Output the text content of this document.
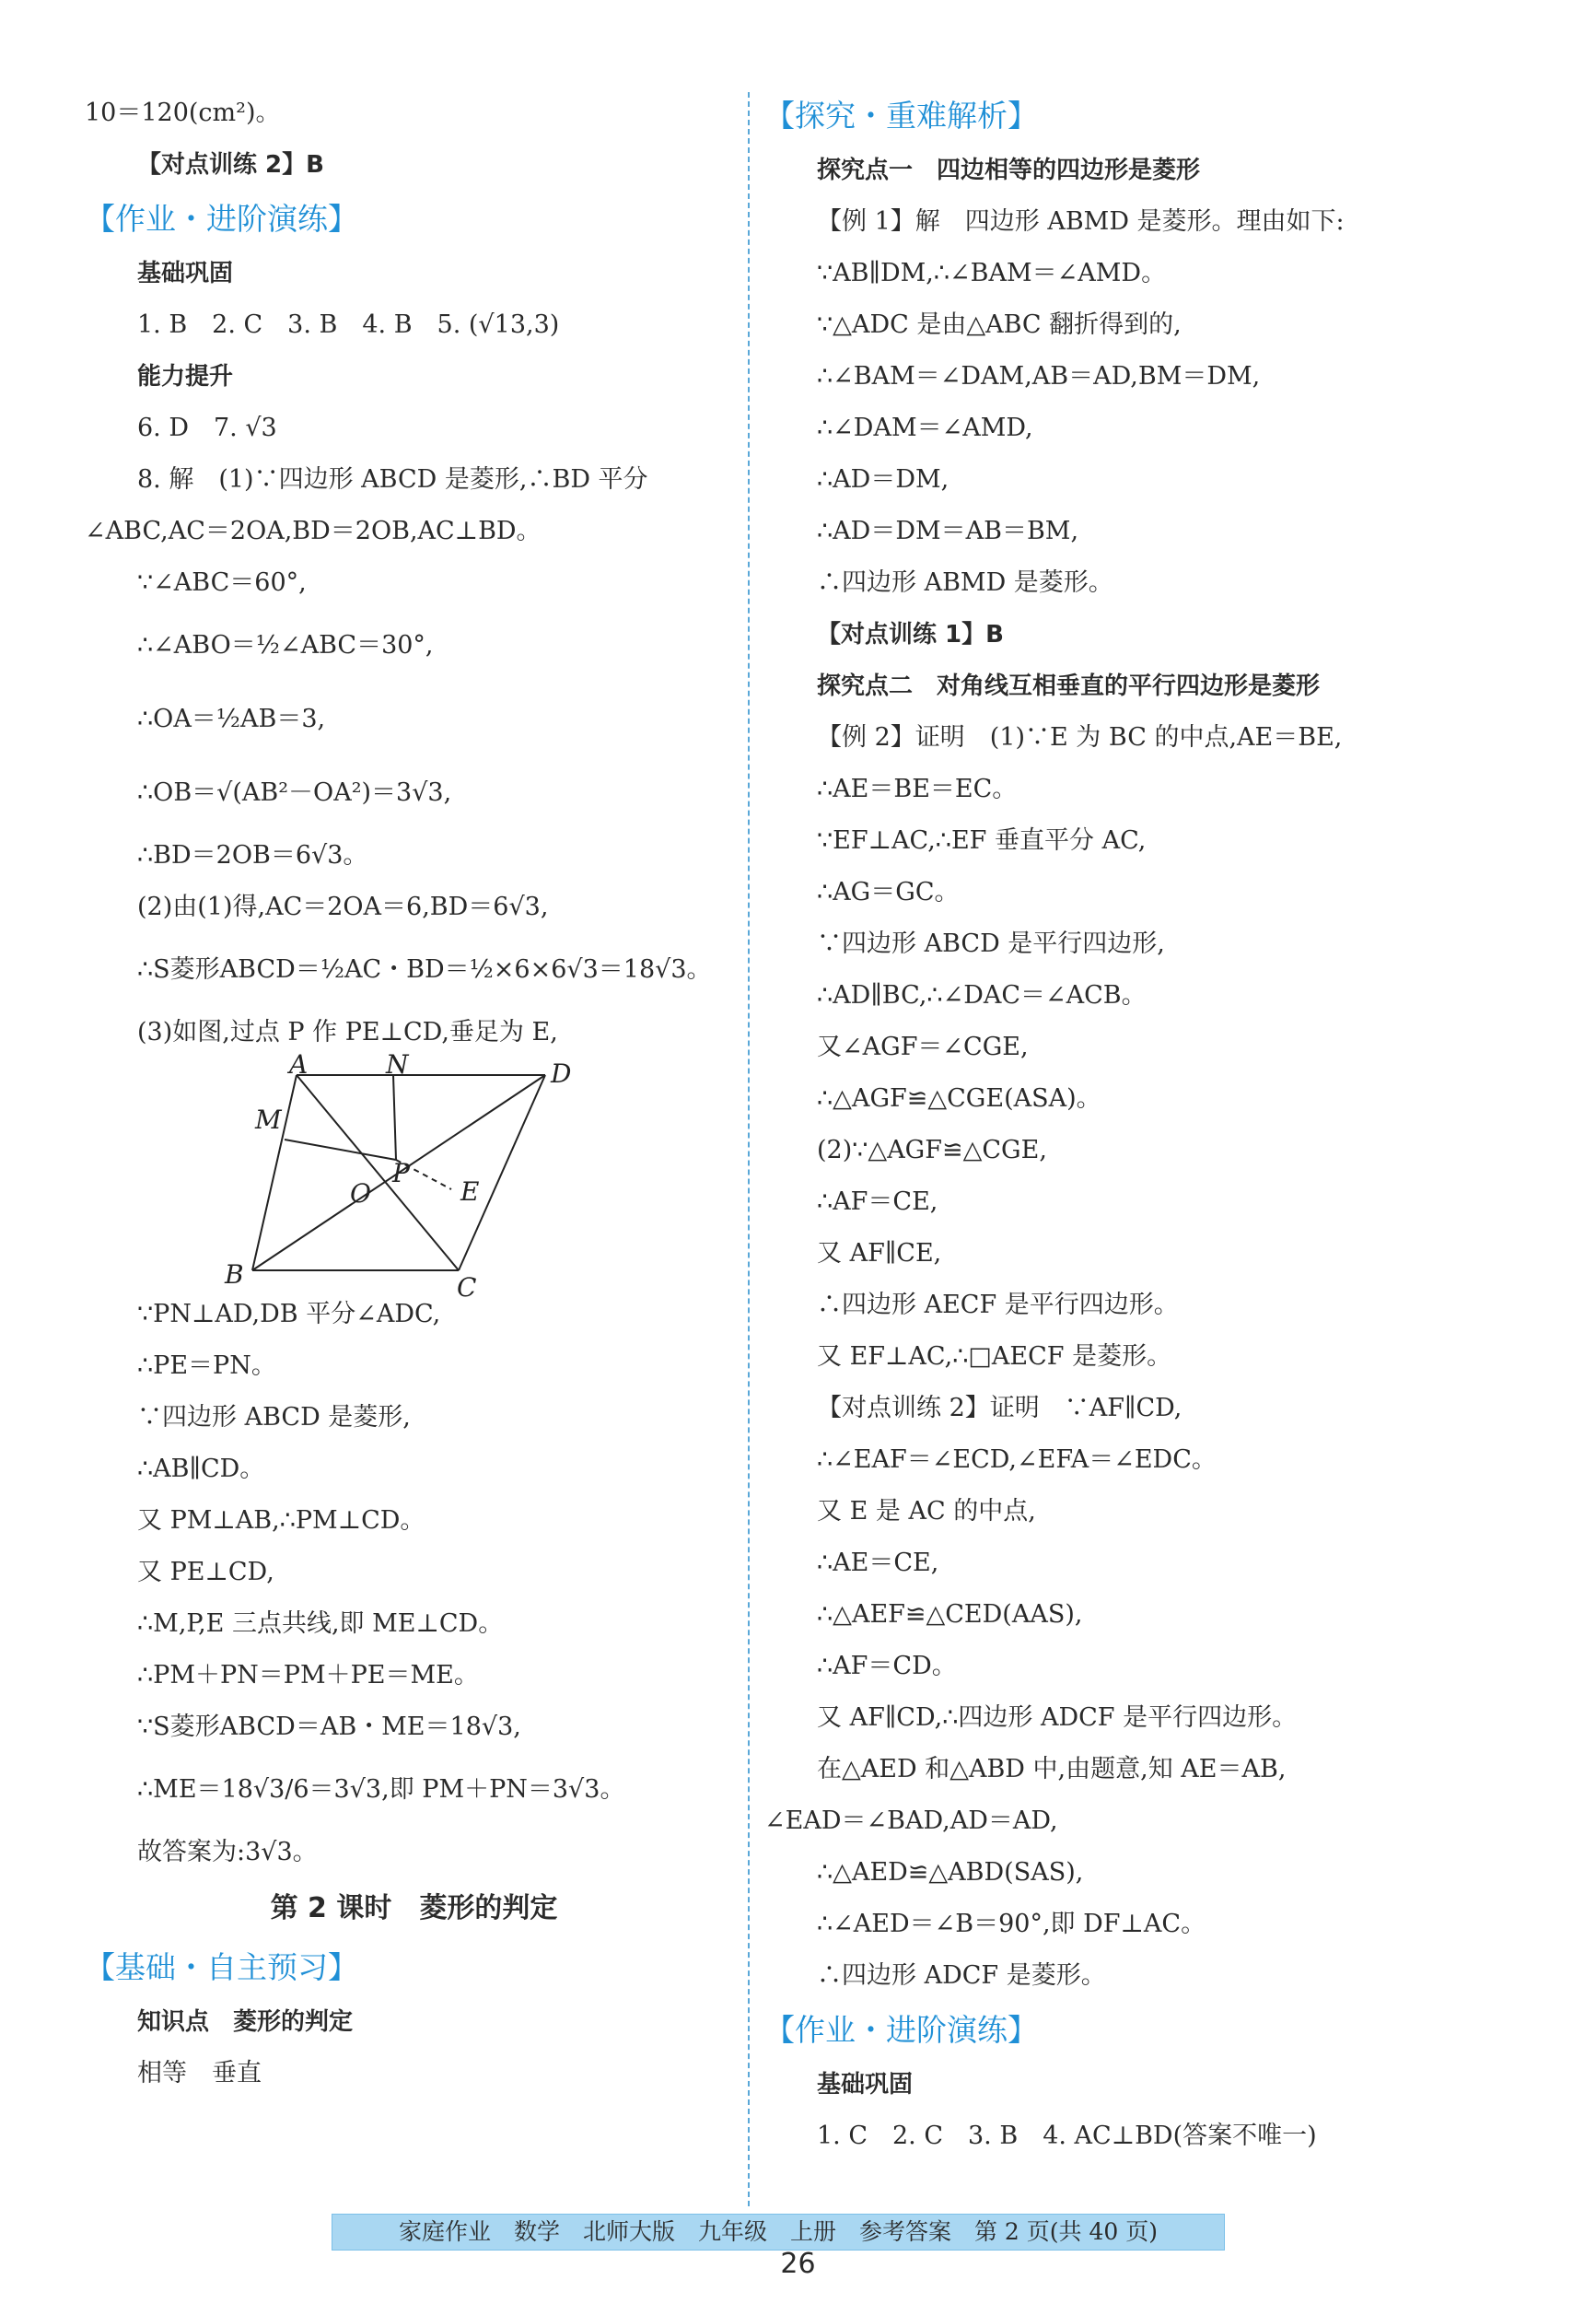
10＝120(cm²)。
【对点训练 2】B
【作业・进阶演练】
基础巩固
1. B　2. C　3. B　4. B　5. (√13,3)
能力提升
6. D　7. √3
8. 解　(1)∵四边形 ABCD 是菱形,∴BD 平分
∠ABC,AC＝2OA,BD＝2OB,AC⊥BD。
∵∠ABC＝60°,
∴∠ABO＝½∠ABC＝30°,
∴OA＝½AB＝3,
∴OB＝√(AB²－OA²)＝3√3,
∴BD＝2OB＝6√3。
(2)由(1)得,AC＝2OA＝6,BD＝6√3,
∴S菱形ABCD＝½AC・BD＝½×6×6√3＝18√3。
(3)如图,过点 P 作 PE⊥CD,垂足为 E,
A	N	D
M
P
O	E
B	C
∵PN⊥AD,DB 平分∠ADC,
∴PE＝PN。
∵四边形 ABCD 是菱形,
∴AB∥CD。
又 PM⊥AB,∴PM⊥CD。
又 PE⊥CD,
∴M,P,E 三点共线,即 ME⊥CD。
∴PM＋PN＝PM＋PE＝ME。
∵S菱形ABCD＝AB・ME＝18√3,
∴ME＝18√3/6＝3√3,即 PM＋PN＝3√3。
故答案为:3√3。
第 2 课时　菱形的判定
【基础・自主预习】
知识点　菱形的判定
相等　垂直
【探究・重难解析】
探究点一　四边相等的四边形是菱形
【例 1】解　四边形 ABMD 是菱形。理由如下:
∵AB∥DM,∴∠BAM＝∠AMD。
∵△ADC 是由△ABC 翻折得到的,
∴∠BAM＝∠DAM,AB＝AD,BM＝DM,
∴∠DAM＝∠AMD,
∴AD＝DM,
∴AD＝DM＝AB＝BM,
∴四边形 ABMD 是菱形。
【对点训练 1】B
探究点二　对角线互相垂直的平行四边形是菱形
【例 2】证明　(1)∵E 为 BC 的中点,AE＝BE,
∴AE＝BE＝EC。
∵EF⊥AC,∴EF 垂直平分 AC,
∴AG＝GC。
∵四边形 ABCD 是平行四边形,
∴AD∥BC,∴∠DAC＝∠ACB。
又∠AGF＝∠CGE,
∴△AGF≌△CGE(ASA)。
(2)∵△AGF≌△CGE,
∴AF＝CE,
又 AF∥CE,
∴四边形 AECF 是平行四边形。
又 EF⊥AC,∴□AECF 是菱形。
【对点训练 2】证明　∵AF∥CD,
∴∠EAF＝∠ECD,∠EFA＝∠EDC。
又 E 是 AC 的中点,
∴AE＝CE,
∴△AEF≌△CED(AAS),
∴AF＝CD。
又 AF∥CD,∴四边形 ADCF 是平行四边形。
在△AED 和△ABD 中,由题意,知 AE＝AB,
∠EAD＝∠BAD,AD＝AD,
∴△AED≌△ABD(SAS),
∴∠AED＝∠B＝90°,即 DF⊥AC。
∴四边形 ADCF 是菱形。
【作业・进阶演练】
基础巩固
1. C　2. C　3. B　4. AC⊥BD(答案不唯一)
家庭作业　数学　北师大版　九年级　上册　参考答案　第 2 页(共 40 页)
26
